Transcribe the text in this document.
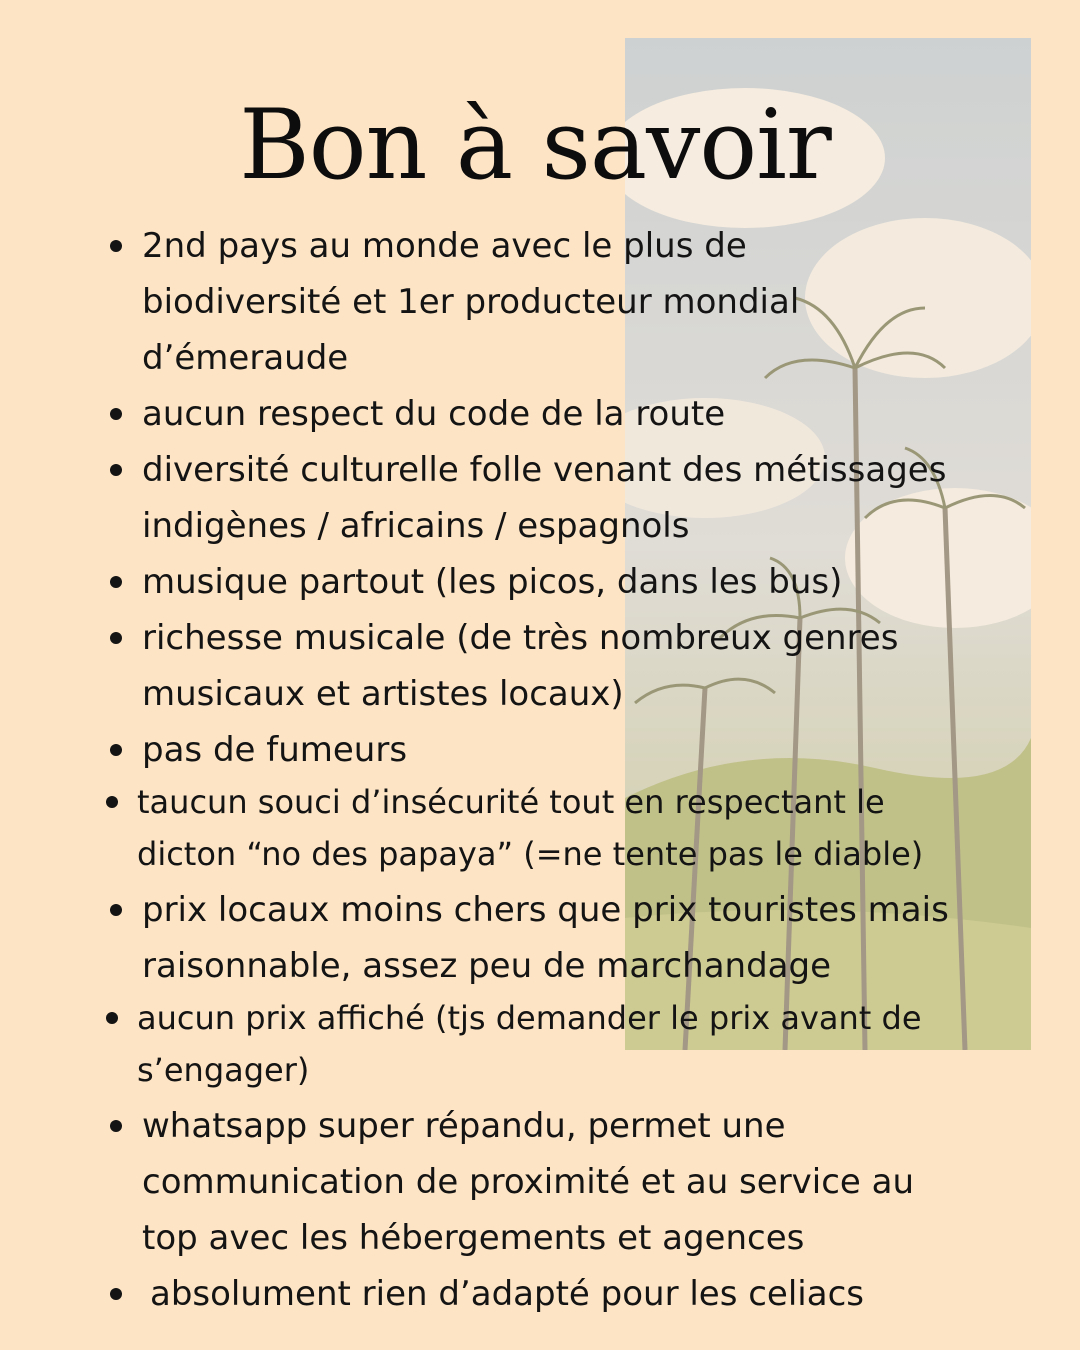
Bon à savoir

2nd pays au monde avec le plus de

biodiversité et 1er producteur mondial

d’émeraude

aucun respect du code de la route

diversité culturelle folle venant des métissages

indigènes / africains / espagnols

musique partout (les picos, dans les bus)

richesse musicale (de très nombreux genres

musicaux et artistes locaux)

pas de fumeurs

taucun souci d’insécurité tout en respectant le

dicton “no des papaya” (=ne tente pas le diable)

prix locaux moins chers que prix touristes mais

raisonnable, assez peu de marchandage

aucun prix affiché (tjs demander le prix avant de

s’engager)

whatsapp super répandu, permet une

communication de proximité et au service au

top avec les hébergements et agences

absolument rien d’adapté pour les celiacs
